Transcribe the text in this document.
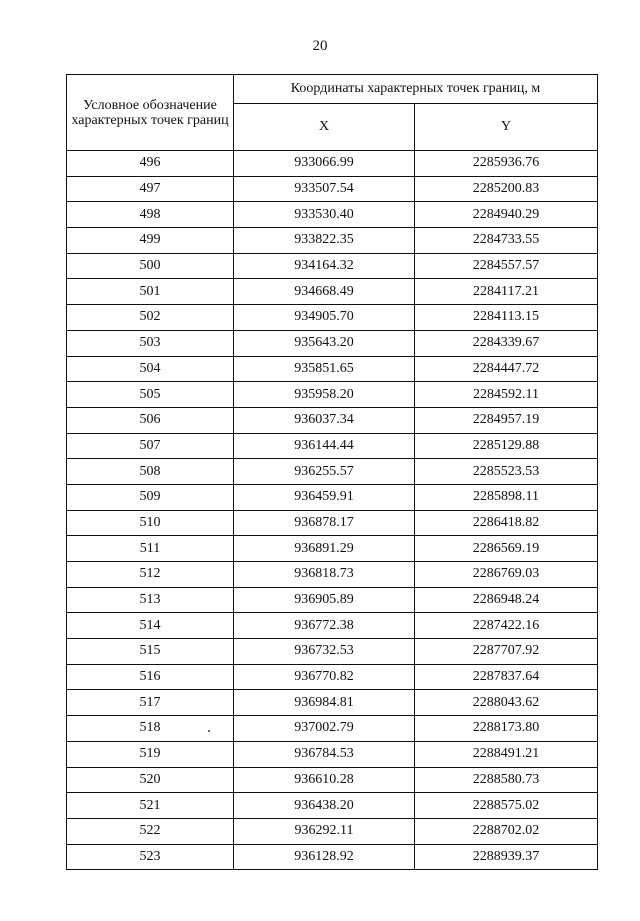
20
Условное обозначение характерных точек границ	Координаты характерных точек границ, м	
	X	Y
496	933066.99	2285936.76
497	933507.54	2285200.83
498	933530.40	2284940.29
499	933822.35	2284733.55
500	934164.32	2284557.57
501	934668.49	2284117.21
502	934905.70	2284113.15
503	935643.20	2284339.67
504	935851.65	2284447.72
505	935958.20	2284592.11
506	936037.34	2284957.19
507	936144.44	2285129.88
508	936255.57	2285523.53
509	936459.91	2285898.11
510	936878.17	2286418.82
511	936891.29	2286569.19
512	936818.73	2286769.03
513	936905.89	2286948.24
514	936772.38	2287422.16
515	936732.53	2287707.92
516	936770.82	2287837.64
517	936984.81	2288043.62
518	937002.79	2288173.80
519	936784.53	2288491.21
520	936610.28	2288580.73
521	936438.20	2288575.02
522	936292.11	2288702.02
523	936128.92	2288939.37
